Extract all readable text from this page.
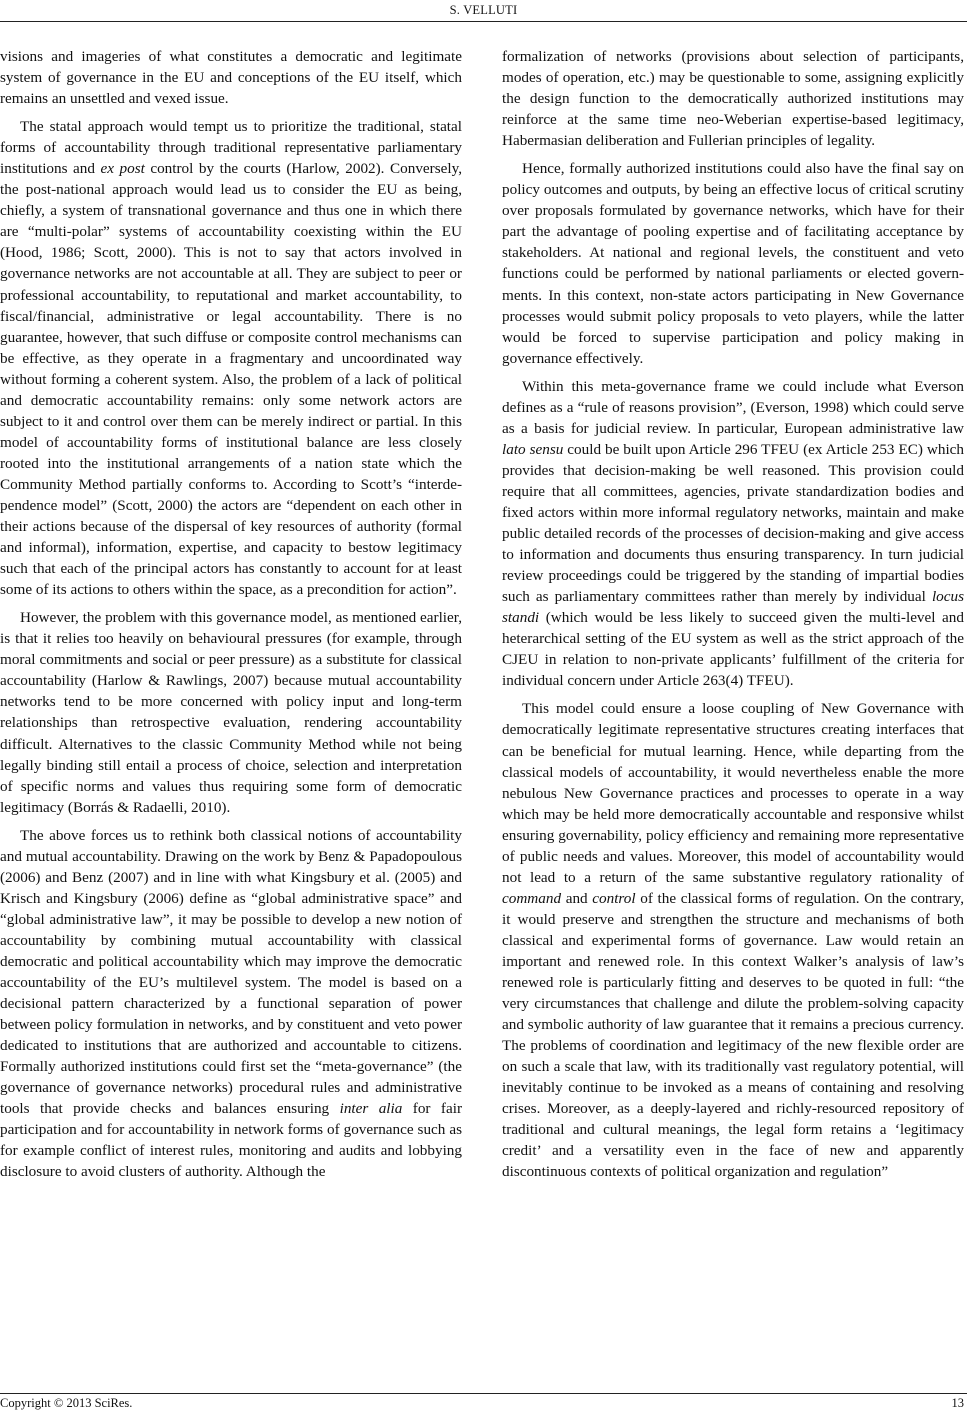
S. VELLUTI

visions and imageries of what constitutes a democratic and legitimate system of governance in the EU and conceptions of the EU itself, which remains an unsettled and vexed issue.

The statal approach would tempt us to prioritize the traditional, statal forms of accountability through traditional representative parliamentary institutions and ex post control by the courts (Harlow, 2002). Conversely, the post-national approach would lead us to consider the EU as being, chiefly, a system of transnational governance and thus one in which there are “multi-polar” systems of accountability coexisting within the EU (Hood, 1986; Scott, 2000). This is not to say that actors involved in governance networks are not accountable at all. They are subject to peer or professional accountability, to reputational and market accountability, to fiscal/financial, administrative or legal accountability. There is no guarantee, however, that such diffuse or composite control mechanisms can be effective, as they operate in a fragmentary and uncoordinated way without forming a coherent system. Also, the problem of a lack of political and democratic accountability remains: only some network actors are subject to it and control over them can be merely indirect or partial. In this model of accountability forms of institutional balance are less closely rooted into the institutional arrangements of a nation state which the Community Method partially conforms to. According to Scott’s “interdependence model” (Scott, 2000) the actors are “dependent on each other in their actions because of the dispersal of key resources of authority (formal and informal), information, expertise, and capacity to bestow legitimacy such that each of the principal actors has constantly to account for at least some of its actions to others within the space, as a precondition for action”.

However, the problem with this governance model, as mentioned earlier, is that it relies too heavily on behavioural pressures (for example, through moral commitments and social or peer pressure) as a substitute for classical accountability (Harlow & Rawlings, 2007) because mutual accountability networks tend to be more concerned with policy input and long-term relationships than retrospective evaluation, rendering accountability difficult. Alternatives to the classic Community Method while not being legally binding still entail a process of choice, selection and interpretation of specific norms and values thus requiring some form of democratic legitimacy (Borrás & Radaelli, 2010).

The above forces us to rethink both classical notions of accountability and mutual accountability. Drawing on the work by Benz & Papadopoulous (2006) and Benz (2007) and in line with what Kingsbury et al. (2005) and Krisch and Kingsbury (2006) define as “global administrative space” and “global administrative law”, it may be possible to develop a new notion of accountability by combining mutual accountability with classical democratic and political accountability which may improve the democratic accountability of the EU’s multilevel system. The model is based on a decisional pattern characterized by a functional separation of power between policy formulation in networks, and by constituent and veto power dedicated to institutions that are authorized and accountable to citizens. Formally authorized institutions could first set the “meta-governance” (the governance of governance networks) procedural rules and administrative tools that provide checks and balances ensuring inter alia for fair participation and for accountability in network forms of governance such as for example conflict of interest rules, monitoring and audits and lobbying disclosure to avoid clusters of authority. Although the

formalization of networks (provisions about selection of participants, modes of operation, etc.) may be questionable to some, assigning explicitly the design function to the democratically authorized institutions may reinforce at the same time neo-Weberian expertise-based legitimacy, Habermasian deliberation and Fullerian principles of legality.

Hence, formally authorized institutions could also have the final say on policy outcomes and outputs, by being an effective locus of critical scrutiny over proposals formulated by governance networks, which have for their part the advantage of pooling expertise and of facilitating acceptance by stakeholders. At national and regional levels, the constituent and veto functions could be performed by national parliaments or elected governments. In this context, non-state actors participating in New Governance processes would submit policy proposals to veto players, while the latter would be forced to supervise participation and policy making in governance effectively.

Within this meta-governance frame we could include what Everson defines as a “rule of reasons provision”, (Everson, 1998) which could serve as a basis for judicial review. In particular, European administrative law lato sensu could be built upon Article 296 TFEU (ex Article 253 EC) which provides that decision-making be well reasoned. This provision could require that all committees, agencies, private standardization bodies and fixed actors within more informal regulatory networks, maintain and make public detailed records of the processes of decision-making and give access to information and documents thus ensuring transparency. In turn judicial review proceedings could be triggered by the standing of impartial bodies such as parliamentary committees rather than merely by individual locus standi (which would be less likely to succeed given the multi-level and heterarchical setting of the EU system as well as the strict approach of the CJEU in relation to non-private applicants’ fulfillment of the criteria for individual concern under Article 263(4) TFEU).

This model could ensure a loose coupling of New Governance with democratically legitimate representative structures creating interfaces that can be beneficial for mutual learning. Hence, while departing from the classical models of accountability, it would nevertheless enable the more nebulous New Governance practices and processes to operate in a way which may be held more democratically accountable and responsive whilst ensuring governability, policy efficiency and remaining more representative of public needs and values. Moreover, this model of accountability would not lead to a return of the same substantive regulatory rationality of command and control of the classical forms of regulation. On the contrary, it would preserve and strengthen the structure and mechanisms of both classical and experimental forms of governance. Law would retain an important and renewed role. In this context Walker’s analysis of law’s renewed role is particularly fitting and deserves to be quoted in full: “the very circumstances that challenge and dilute the problem-solving capacity and symbolic authority of law guarantee that it remains a precious currency. The problems of coordination and legitimacy of the new flexible order are on such a scale that law, with its traditionally vast regulatory potential, will inevitably continue to be invoked as a means of containing and resolving crises. Moreover, as a deeply-layered and richly-resourced repository of traditional and cultural meanings, the legal form retains a ‘legitimacy credit’ and a versatility even in the face of new and apparently discontinuous contexts of political organization and regulation”

Copyright © 2013 SciRes.	13
